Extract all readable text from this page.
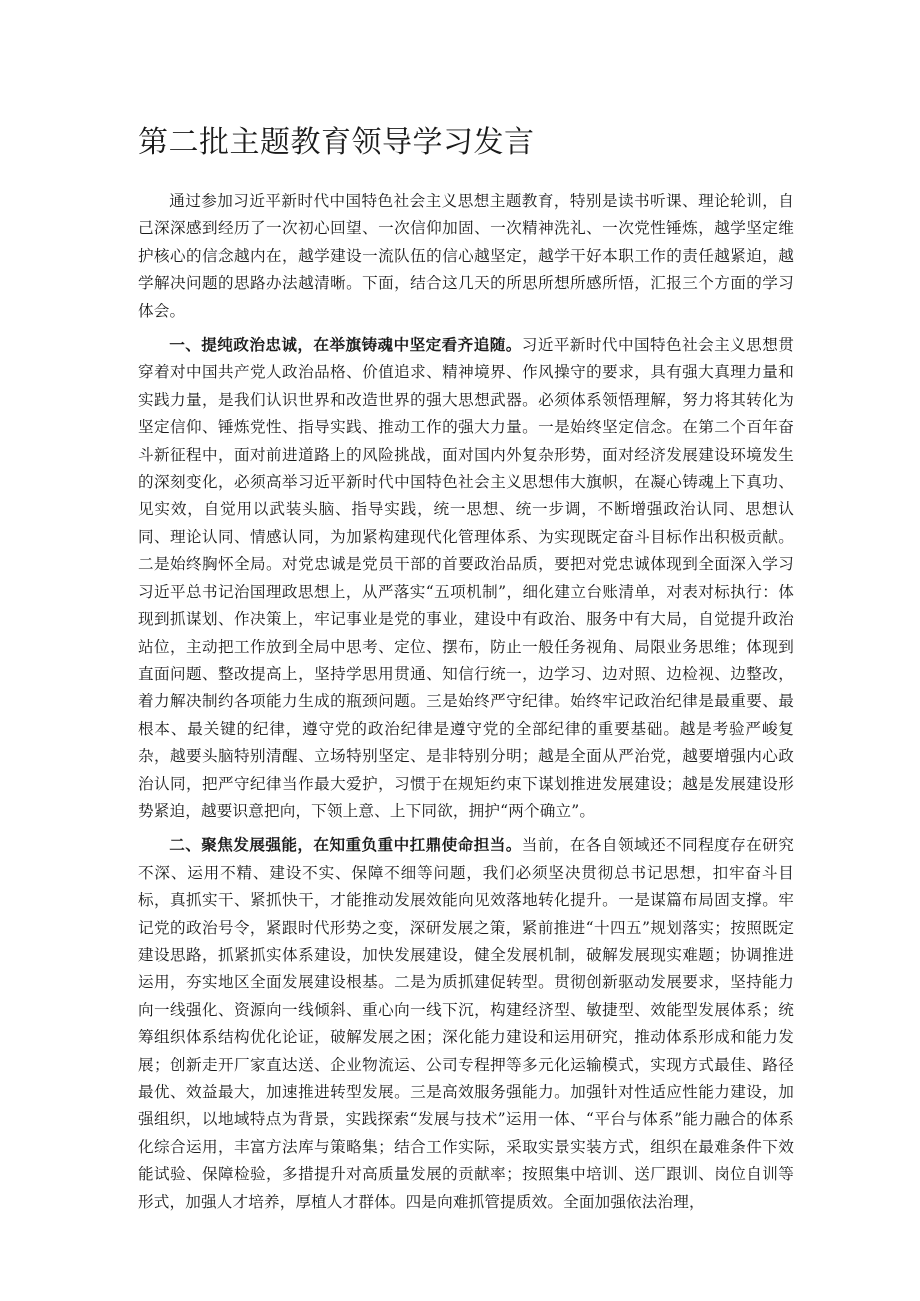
第二批主题教育领导学习发言

通过参加习近平新时代中国特色社会主义思想主题教育，特别是读书听课、理论轮训，自己深深感到经历了一次初心回望、一次信仰加固、一次精神洗礼、一次党性锤炼，越学坚定维护核心的信念越内在，越学建设一流队伍的信心越坚定，越学干好本职工作的责任越紧迫，越学解决问题的思路办法越清晰。下面，结合这几天的所思所想所感所悟，汇报三个方面的学习体会。

一、提纯政治忠诚，在举旗铸魂中坚定看齐追随。习近平新时代中国特色社会主义思想贯穿着对中国共产党人政治品格、价值追求、精神境界、作风操守的要求，具有强大真理力量和实践力量，是我们认识世界和改造世界的强大思想武器。必须体系领悟理解，努力将其转化为坚定信仰、锤炼党性、指导实践、推动工作的强大力量。一是始终坚定信念。在第二个百年奋斗新征程中，面对前进道路上的风险挑战，面对国内外复杂形势，面对经济发展建设环境发生的深刻变化，必须高举习近平新时代中国特色社会主义思想伟大旗帜，在凝心铸魂上下真功、见实效，自觉用以武装头脑、指导实践，统一思想、统一步调，不断增强政治认同、思想认同、理论认同、情感认同，为加紧构建现代化管理体系、为实现既定奋斗目标作出积极贡献。二是始终胸怀全局。对党忠诚是党员干部的首要政治品质，要把对党忠诚体现到全面深入学习习近平总书记治国理政思想上，从严落实“五项机制”，细化建立台账清单，对表对标执行：体现到抓谋划、作决策上，牢记事业是党的事业，建设中有政治、服务中有大局，自觉提升政治站位，主动把工作放到全局中思考、定位、摆布，防止一般任务视角、局限业务思维；体现到直面问题、整改提高上，坚持学思用贯通、知信行统一，边学习、边对照、边检视、边整改，着力解决制约各项能力生成的瓶颈问题。三是始终严守纪律。始终牢记政治纪律是最重要、最根本、最关键的纪律，遵守党的政治纪律是遵守党的全部纪律的重要基础。越是考验严峻复杂，越要头脑特别清醒、立场特别坚定、是非特别分明；越是全面从严治党，越要增强内心政治认同，把严守纪律当作最大爱护，习惯于在规矩约束下谋划推进发展建设；越是发展建设形势紧迫，越要识意把向，下领上意、上下同欲，拥护“两个确立”。

二、聚焦发展强能，在知重负重中扛鼎使命担当。当前，在各自领域还不同程度存在研究不深、运用不精、建设不实、保障不细等问题，我们必须坚决贯彻总书记思想，扣牢奋斗目标，真抓实干、紧抓快干，才能推动发展效能向见效落地转化提升。一是谋篇布局固支撑。牢记党的政治号令，紧跟时代形势之变，深研发展之策，紧前推进“十四五”规划落实；按照既定建设思路，抓紧抓实体系建设，加快发展建设，健全发展机制，破解发展现实难题；协调推进运用，夯实地区全面发展建设根基。二是为质抓建促转型。贯彻创新驱动发展要求，坚持能力向一线强化、资源向一线倾斜、重心向一线下沉，构建经济型、敏捷型、效能型发展体系；统筹组织体系结构优化论证，破解发展之困；深化能力建设和运用研究，推动体系形成和能力发展；创新走开厂家直达送、企业物流运、公司专程押等多元化运输模式，实现方式最佳、路径最优、效益最大，加速推进转型发展。三是高效服务强能力。加强针对性适应性能力建设，加强组织，以地域特点为背景，实践探索“发展与技术”运用一体、“平台与体系”能力融合的体系化综合运用，丰富方法库与策略集；结合工作实际，采取实景实装方式，组织在最难条件下效能试验、保障检验，多措提升对高质量发展的贡献率；按照集中培训、送厂跟训、岗位自训等形式，加强人才培养，厚植人才群体。四是向难抓管提质效。全面加强依法治理，
